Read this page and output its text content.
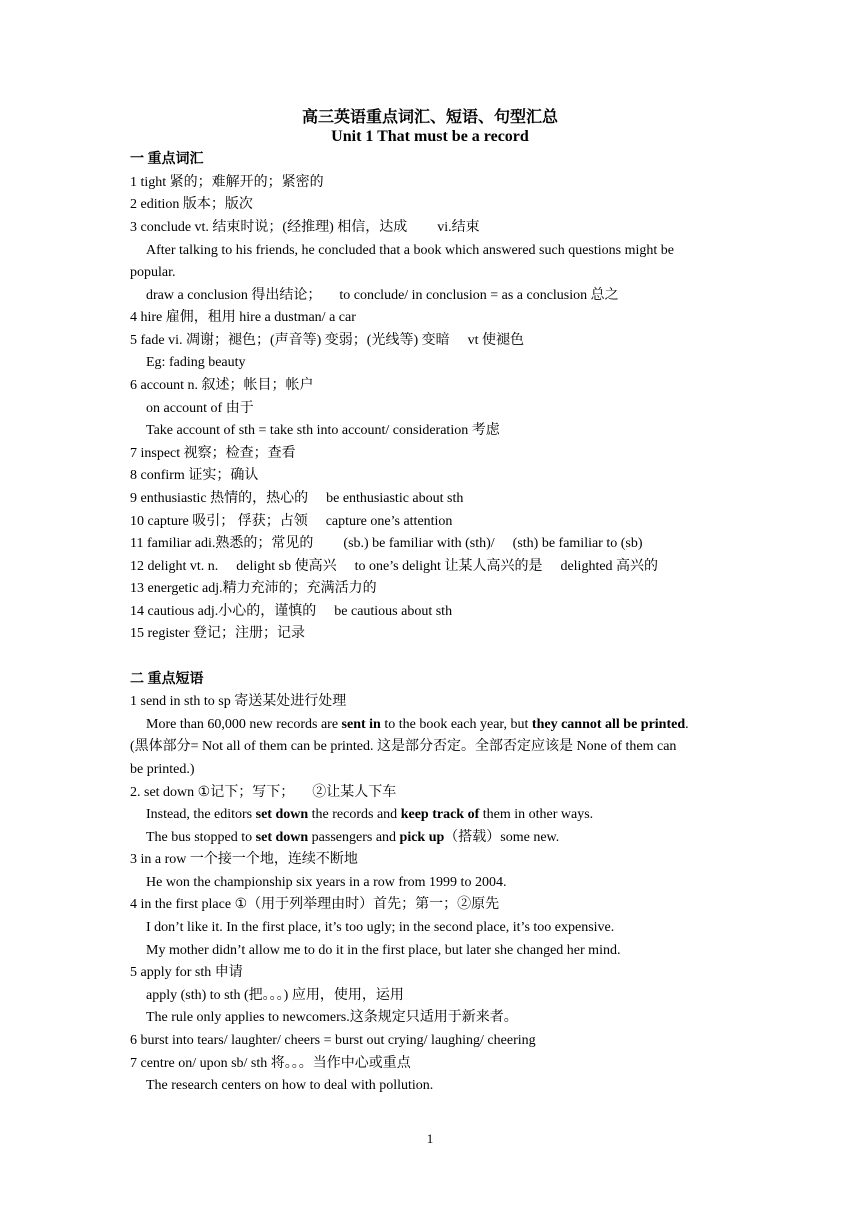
高三英语重点词汇、短语、句型汇总
Unit 1 That must be a record
一 重点词汇
1 tight 紧的；难解开的；紧密的
2 edition 版本；版次
3 conclude vt. 结束时说；(经推理) 相信，达成 vi.结束
After talking to his friends, he concluded that a book which answered such questions might be
popular.
draw a conclusion 得出结论； to conclude/ in conclusion = as a conclusion 总之
4 hire 雇佣，租用 hire a dustman/ a car
5 fade vi. 凋谢；褪色；(声音等) 变弱；(光线等) 变暗 vt 使褪色
Eg: fading beauty
6 account n. 叙述；帐目；帐户
on account of 由于
Take account of sth = take sth into account/ consideration 考虑
7 inspect 视察；检查；查看
8 confirm 证实；确认
9 enthusiastic 热情的，热心的 be enthusiastic about sth
10 capture 吸引； 俘获；占领 capture one’s attention
11 familiar adi.熟悉的；常见的 (sb.) be familiar with (sth)/ (sth) be familiar to (sb)
12 delight vt. n. delight sb 使高兴 to one’s delight 让某人高兴的是 delighted 高兴的
13 energetic adj.精力充沛的；充满活力的
14 cautious adj.小心的，谨慎的 be cautious about sth
15 register 登记；注册；记录
二 重点短语
1 send in sth to sp 寄送某处进行处理
More than 60,000 new records are sent in to the book each year, but they cannot all be printed.
(黑体部分= Not all of them can be printed. 这是部分否定。全部否定应该是 None of them can
be printed.)
2. set down ①记下；写下； ②让某人下车
Instead, the editors set down the records and keep track of them in other ways.
The bus stopped to set down passengers and pick up（搭载）some new.
3 in a row 一个接一个地，连续不断地
He won the championship six years in a row from 1999 to 2004.
4 in the first place ①（用于列举理由时）首先；第一；②原先
I don’t like it. In the first place, it’s too ugly; in the second place, it’s too expensive.
My mother didn’t allow me to do it in the first place, but later she changed her mind.
5 apply for sth 申请
apply (sth) to sth (把。。。) 应用，使用，运用
The rule only applies to newcomers.这条规定只适用于新来者。
6 burst into tears/ laughter/ cheers = burst out crying/ laughing/ cheering
7 centre on/ upon sb/ sth 将。。。当作中心或重点
The research centers on how to deal with pollution.
1
